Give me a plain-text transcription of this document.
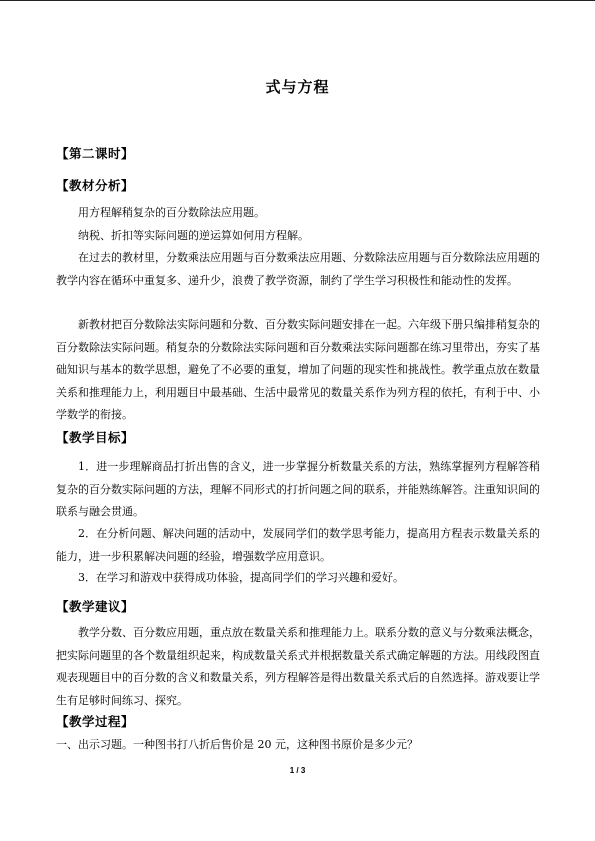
式与方程
【第二课时】
【教材分析】

用方程解稍复杂的百分数除法应用题。

纳税、折扣等实际问题的逆运算如何用方程解。

在过去的教材里，分数乘法应用题与百分数乘法应用题、分数除法应用题与百分数除法应用题的教学内容在循环中重复多、递升少，浪费了教学资源，制约了学生学习积极性和能动性的发挥。

新教材把百分数除法实际问题和分数、百分数实际问题安排在一起。六年级下册只编排稍复杂的百分数除法实际问题。稍复杂的分数除法实际问题和百分数乘法实际问题都在练习里带出，夯实了基础知识与基本的数学思想，避免了不必要的重复，增加了问题的现实性和挑战性。教学重点放在数量关系和推理能力上，利用题目中最基础、生活中最常见的数量关系作为列方程的依托，有利于中、小学数学的衔接。

【教学目标】

1．进一步理解商品打折出售的含义，进一步掌握分析数量关系的方法，熟练掌握列方程解答稍复杂的百分数实际问题的方法，理解不同形式的打折问题之间的联系，并能熟练解答。注重知识间的联系与融会贯通。

2．在分析问题、解决问题的活动中，发展同学们的数学思考能力，提高用方程表示数量关系的能力，进一步积累解决问题的经验，增强数学应用意识。

3．在学习和游戏中获得成功体验，提高同学们的学习兴趣和爱好。

【教学建议】

教学分数、百分数应用题，重点放在数量关系和推理能力上。联系分数的意义与分数乘法概念，把实际问题里的各个数量组织起来，构成数量关系式并根据数量关系式确定解题的方法。用线段图直观表现题目中的百分数的含义和数量关系，列方程解答是得出数量关系式后的自然选择。游戏要让学生有足够时间练习、探究。

【教学过程】

一、出示习题。一种图书打八折后售价是 20 元，这种图书原价是多少元？

1 / 3
